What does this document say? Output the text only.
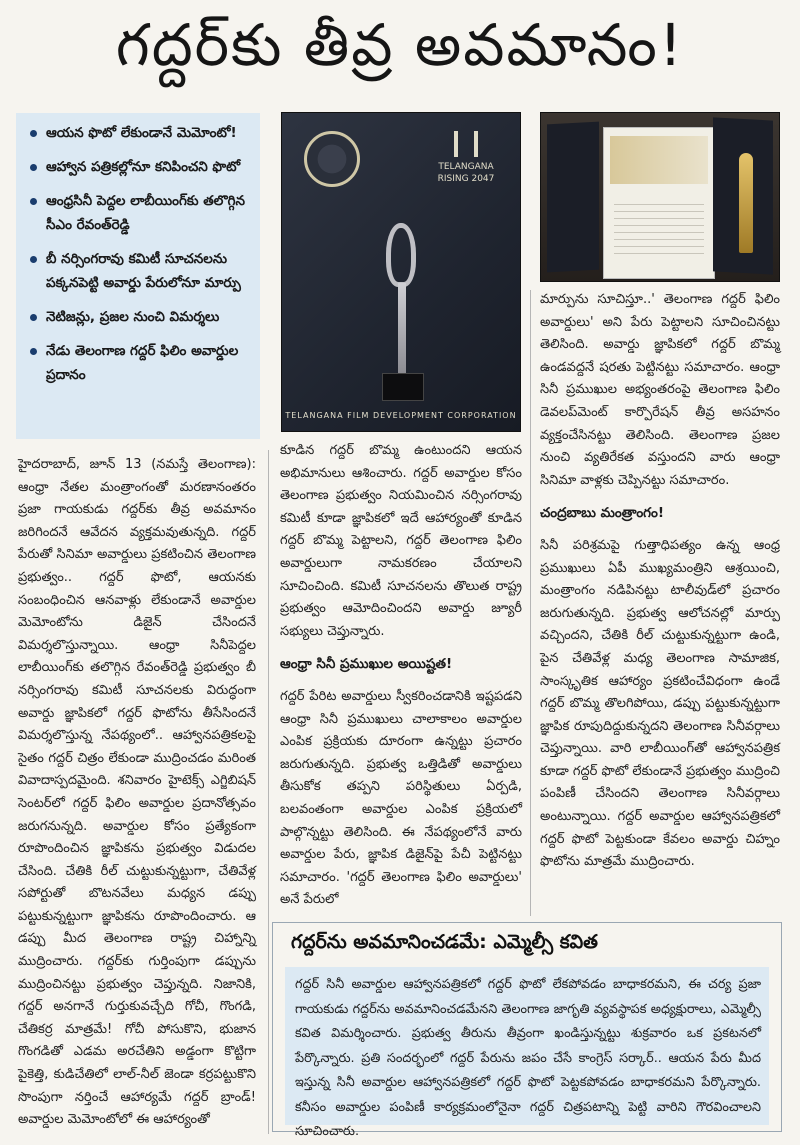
గద్దర్‌కు తీవ్ర అవమానం!
ఆయన ఫొటో లేకుండానే మెమోంటో!
ఆహ్వాన పత్రికల్లోనూ కనిపించని ఫొటో
ఆంధ్రసినీ పెద్దల లాబీయింగ్‌కు తలొగ్గిన సీఎం రేవంత్‌రెడ్డి
బీ నర్సింగరావు కమిటీ సూచనలను పక్కనపెట్టి అవార్డు పేరులోనూ మార్పు
నెటిజన్లు, ప్రజల నుంచి విమర్శలు
నేడు తెలంగాణ గద్దర్ ఫిలిం అవార్డుల ప్రదానం
TELANGANA RISING 2047
TELANGANA FILM DEVELOPMENT CORPORATION

హైదరాబాద్, జూన్ 13 (నమస్తే తెలంగాణ): ఆంధ్రా నేతల మంత్రాంగంతో మరణానంతరం ప్రజా గాయకుడు గద్దర్‌కు తీవ్ర అవమానం జరిగిందనే ఆవేదన వ్యక్తమవుతున్నది. గద్దర్ పేరుతో సినిమా అవార్డులు ప్రకటించిన తెలంగాణ ప్రభుత్వం.. గద్దర్ ఫొటో, ఆయనకు సంబంధించిన ఆనవాళ్లు లేకుండానే అవార్డుల మెమోంటోను డిజైన్ చేసిందనే విమర్శలొస్తున్నాయి. ఆంధ్రా సినీపెద్దల లాబీయింగ్‌కు తలొగ్గిన రేవంత్‌రెడ్డి ప్రభుత్వం బీ నర్సింగరావు కమిటీ సూచనలకు విరుద్ధంగా అవార్డు జ్ఞాపికలో గద్దర్ ఫొటోను తీసేసిందనే విమర్శలొస్తున్న నేపథ్యంలో.. ఆహ్వానపత్రికలపై సైతం గద్దర్ చిత్రం లేకుండా ముద్రించడం మరింత వివాదాస్పదమైంది. శనివారం హైటెక్స్ ఎగ్జిబిషన్ సెంటర్‌లో గద్దర్ ఫిలిం అవార్డుల ప్రదానోత్సవం జరుగనున్నది. అవార్డుల కోసం ప్రత్యేకంగా రూపొందించిన జ్ఞాపికను ప్రభుత్వం విడుదల చేసింది. చేతికి రీల్ చుట్టుకున్నట్టుగా, చేతివేళ్ల సపోర్టుతో బొటనవేలు మధ్యన డప్పు పట్టుకున్నట్టుగా జ్ఞాపికను రూపొందించారు. ఆ డప్పు మీద తెలంగాణ రాష్ట్ర చిహ్నాన్ని ముద్రించారు. గద్దర్‌కు గుర్తింపుగా డప్పును ముద్రించినట్టు ప్రభుత్వం చెప్తున్నది. నిజానికి, గద్దర్ అనగానే గుర్తుకువచ్చేది గోచీ, గొంగడి, చేతికర్ర మాత్రమే! గోచీ పోసుకొని, భుజాన గొంగడితో ఎడమ అరచేతిని అడ్డంగా కొట్టిగా పైకెత్తి, కుడిచేతిలో లాల్-నీల్ జెండా కర్రపట్టుకొని సొంపుగా నర్తించే ఆహార్యమే గద్దర్ బ్రాండ్! అవార్డుల మెమోంటోలో ఈ ఆహార్యంతో

కూడిన గద్దర్ బొమ్మ ఉంటుందని ఆయన అభిమానులు ఆశించారు. గద్దర్ అవార్డుల కోసం తెలంగాణ ప్రభుత్వం నియమించిన నర్సింగరావు కమిటీ కూడా జ్ఞాపికలో ఇదే ఆహార్యంతో కూడిన గద్దర్ బొమ్మ పెట్టాలని, గద్దర్ తెలంగాణ ఫిలిం అవార్డులుగా నామకరణం చేయాలని సూచించింది. కమిటీ సూచనలను తొలుత రాష్ట్ర ప్రభుత్వం ఆమోదించిందని అవార్డు జ్యూరీ సభ్యులు చెప్తున్నారు.

ఆంధ్రా సినీ ప్రముఖుల అయిష్టత!

గద్దర్ పేరిట అవార్డులు స్వీకరించడానికి ఇష్టపడని ఆంధ్రా సినీ ప్రముఖులు చాలాకాలం అవార్డుల ఎంపిక ప్రక్రియకు దూరంగా ఉన్నట్టు ప్రచారం జరుగుతున్నది. ప్రభుత్వ ఒత్తిడితో అవార్డులు తీసుకోక తప్పని పరిస్థితులు ఏర్పడి, బలవంతంగా అవార్డుల ఎంపిక ప్రక్రియలో పాల్గొన్నట్టు తెలిసింది. ఈ నేపథ్యంలోనే వారు అవార్డుల పేరు, జ్ఞాపిక డిజైన్‌పై పేచీ పెట్టినట్టు సమాచారం. 'గద్దర్ తెలంగాణ ఫిలిం అవార్డులు' అనే పేరులో

మార్పును సూచిస్తూ..' తెలంగాణ గద్దర్ ఫిలిం అవార్డులు' అని పేరు పెట్టాలని సూచించినట్టు తెలిసింది. అవార్డు జ్ఞాపికలో గద్దర్ బొమ్మ ఉండవద్దనే షరతు పెట్టినట్టు సమాచారం. ఆంధ్రా సినీ ప్రముఖుల అభ్యంతరంపై తెలంగాణ ఫిలిం డెవలప్‌మెంట్ కార్పొరేషన్ తీవ్ర అసహనం వ్యక్తంచేసినట్టు తెలిసింది. తెలంగాణ ప్రజల నుంచి వ్యతిరేకత వస్తుందని వారు ఆంధ్రా సినిమా వాళ్లకు చెప్పినట్టు సమాచారం.

చంద్రబాబు మంత్రాంగం!

సినీ పరిశ్రమపై గుత్తాధిపత్యం ఉన్న ఆంధ్ర ప్రముఖులు ఏపీ ముఖ్యమంత్రిని ఆశ్రయించి, మంత్రాంగం నడిపినట్టు టాలీవుడ్‌లో ప్రచారం జరుగుతున్నది. ప్రభుత్వ ఆలోచనల్లో మార్పు వచ్చిందని, చేతికి రీల్ చుట్టుకున్నట్టుగా ఉండి, పైన చేతివేళ్ల మధ్య తెలంగాణ సామాజిక, సాంస్కృతిక ఆహార్యం ప్రకటించేవిధంగా ఉండే గద్దర్ బొమ్మ తొలగిపోయి, డప్పు పట్టుకున్నట్టుగా జ్ఞాపిక రూపుదిద్దుకున్నదని తెలంగాణ సినీవర్గాలు చెప్తున్నాయి. వారి లాబీయింగ్‌తో ఆహ్వానపత్రిక కూడా గద్దర్ ఫొటో లేకుండానే ప్రభుత్వం ముద్రించి పంపిణీ చేసిందని తెలంగాణ సినీవర్గాలు అంటున్నాయి. గద్దర్ అవార్డుల ఆహ్వానపత్రికలో గద్దర్ ఫొటో పెట్టకుండా కేవలం అవార్డు చిహ్నం ఫొటోను మాత్రమే ముద్రించారు.

గద్దర్‌ను అవమానించడమే: ఎమ్మెల్సీ కవిత

గద్దర్ సినీ అవార్డుల ఆహ్వానపత్రికలో గద్దర్ ఫొటో లేకపోవడం బాధాకరమని, ఈ చర్య ప్రజా గాయకుడు గద్దర్‌ను అవమానించడమేనని తెలంగాణ జాగృతి వ్యవస్థాపక అధ్యక్షురాలు, ఎమ్మెల్సీ కవిత విమర్శించారు. ప్రభుత్వ తీరును తీవ్రంగా ఖండిస్తున్నట్టు శుక్రవారం ఒక ప్రకటనలో పేర్కొన్నారు. ప్రతి సందర్భంలో గద్దర్ పేరును జపం చేసే కాంగ్రెస్ సర్కార్.. ఆయన పేరు మీద ఇస్తున్న సినీ అవార్డుల ఆహ్వానపత్రికలో గద్దర్ ఫొటో పెట్టకపోవడం బాధాకరమని పేర్కొన్నారు. కనీసం అవార్డుల పంపిణీ కార్యక్రమంలోనైనా గద్దర్ చిత్రపటాన్ని పెట్టి వారిని గౌరవించాలని సూచించారు.
